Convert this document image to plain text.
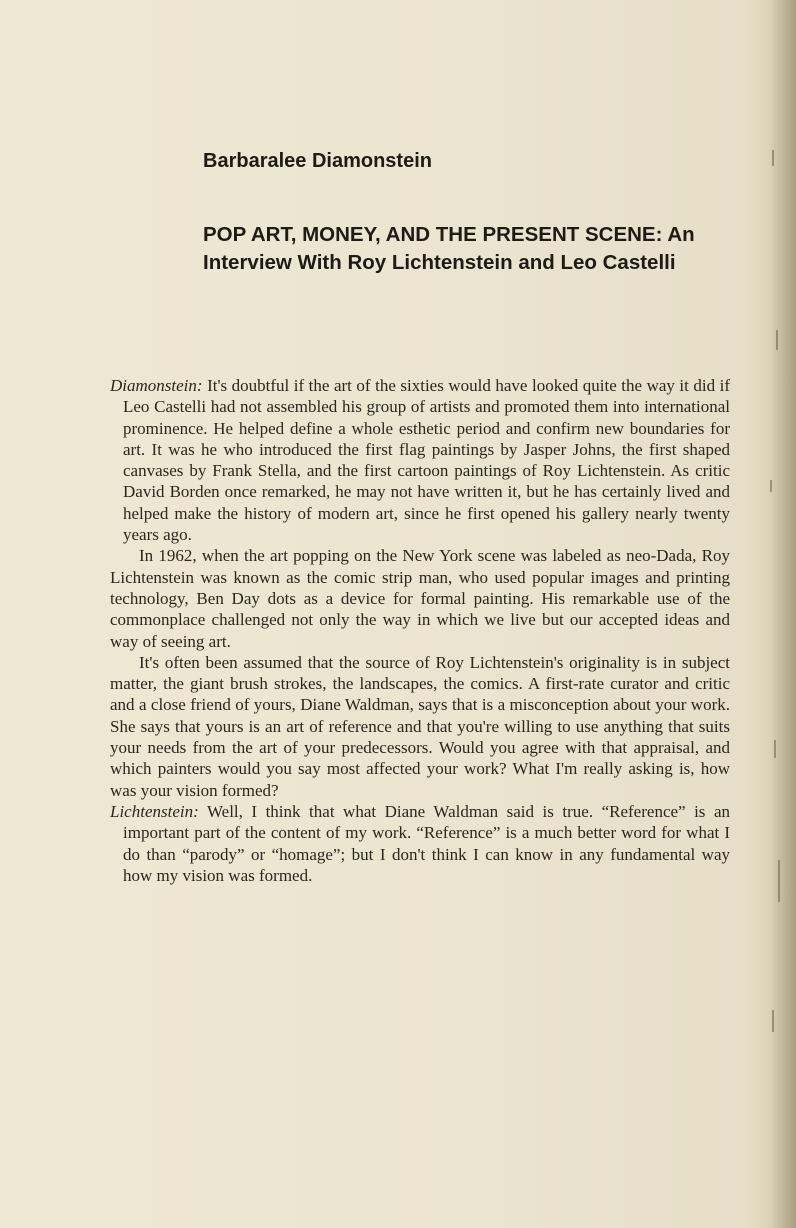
Barbaralee Diamonstein
POP ART, MONEY, AND THE PRESENT SCENE: An Interview With Roy Lichtenstein and Leo Castelli

Diamonstein: It's doubtful if the art of the sixties would have looked quite the way it did if Leo Castelli had not assembled his group of artists and promoted them into international prominence. He helped define a whole esthetic period and confirm new boundaries for art. It was he who introduced the first flag paintings by Jasper Johns, the first shaped canvases by Frank Stella, and the first cartoon paintings of Roy Lichtenstein. As critic David Borden once remarked, he may not have written it, but he has certainly lived and helped make the history of modern art, since he first opened his gallery nearly twenty years ago.

In 1962, when the art popping on the New York scene was labeled as neo-Dada, Roy Lichtenstein was known as the comic strip man, who used popular images and printing technology, Ben Day dots as a device for formal painting. His remarkable use of the commonplace challenged not only the way in which we live but our accepted ideas and way of seeing art.

It's often been assumed that the source of Roy Lichtenstein's originality is in subject matter, the giant brush strokes, the landscapes, the comics. A first-rate curator and critic and a close friend of yours, Diane Waldman, says that is a misconception about your work. She says that yours is an art of reference and that you're willing to use anything that suits your needs from the art of your predecessors. Would you agree with that appraisal, and which painters would you say most affected your work? What I'm really asking is, how was your vision formed?

Lichtenstein: Well, I think that what Diane Waldman said is true. “Reference” is an important part of the content of my work. “Reference” is a much better word for what I do than “parody” or “homage”; but I don't think I can know in any fundamental way how my vision was formed.
